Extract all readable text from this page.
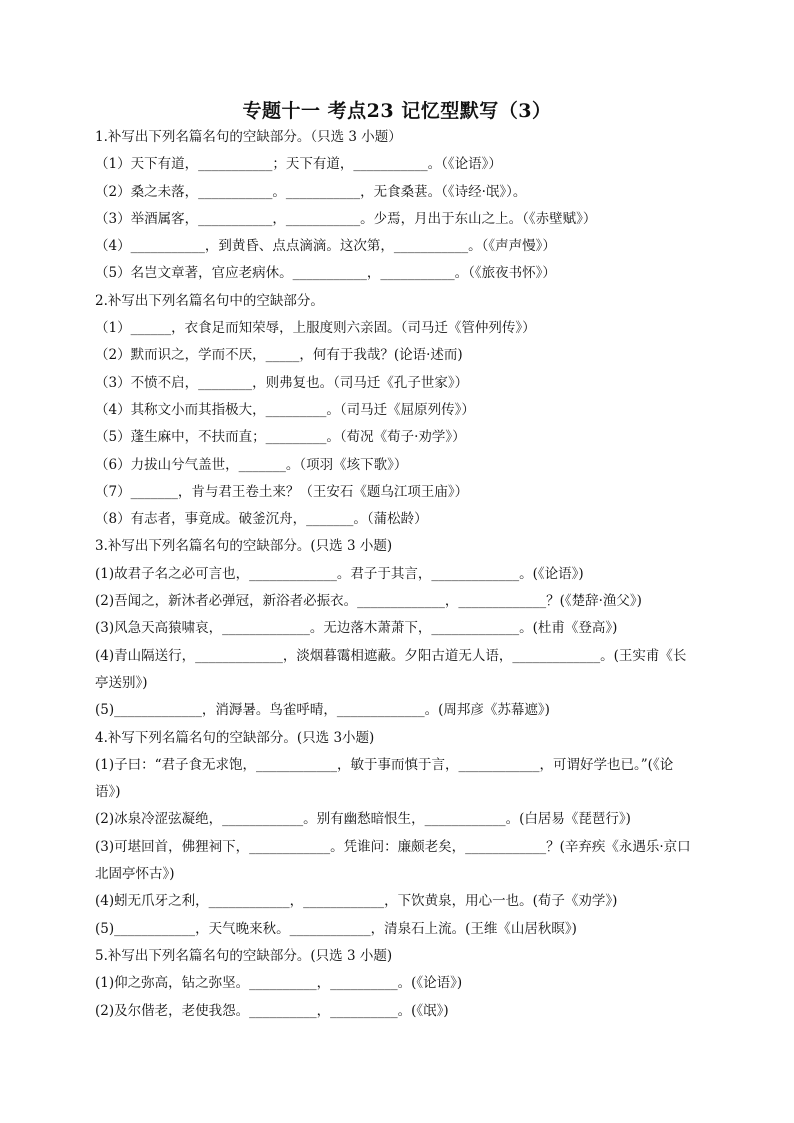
专题十一 考点23 记忆型默写（3）
1.补写出下列名篇名句的空缺部分。（只选 3 小题）
（1）天下有道，___________；天下有道，___________。（《论语》）
（2）桑之未落，___________。___________，无食桑葚。（《诗经·氓》）。
（3）举酒属客，___________，___________。少焉，月出于东山之上。（《赤壁赋》）
（4）___________，到黄昏、点点滴滴。这次第，___________。（《声声慢》）
（5）名岂文章著，官应老病休。___________，___________。（《旅夜书怀》）
2.补写出下列名篇名句中的空缺部分。
（1）______，衣食足而知荣辱，上服度则六亲固。（司马迁《管仲列传》）
（2）默而识之，学而不厌，_____，何有于我哉？(论语·述而)
（3）不愤不启，________，则弗复也。（司马迁《孔子世家》）
（4）其称文小而其指极大，_________。（司马迁《屈原列传》）
（5）蓬生麻中，不扶而直；_________。（荀况《荀子·劝学》）
（6）力拔山兮气盖世，_______。（项羽《垓下歌》）
（7）_______，肯与君王卷土来？（王安石《题乌江项王庙》）
（8）有志者，事竟成。破釜沉舟，_______。（蒲松龄）
3.补写出下列名篇名句的空缺部分。(只选 3 小题)
(1)故君子名之必可言也，_____________。君子于其言，_____________。(《论语》)
(2)吾闻之，新沐者必弹冠，新浴者必振衣。_____________，_____________？(《楚辞·渔父》)
(3)风急天高猿啸哀，_____________。无边落木萧萧下，_____________。(杜甫《登高》)
(4)青山隔送行，_____________，淡烟暮霭相遮蔽。夕阳古道无人语，_____________。(王实甫《长亭送别》)
(5)_____________，消溽暑。鸟雀呼晴，_____________。(周邦彦《苏幕遮》)
4.补写下列名篇名句的空缺部分。(只选 3小题)
(1)子曰：“君子食无求饱，____________，敏于事而慎于言，____________，可谓好学也已。”(《论语》)
(2)冰泉冷涩弦凝绝，____________。别有幽愁暗恨生，____________。(白居易《琵琶行》)
(3)可堪回首，佛狸祠下，____________。凭谁问：廉颇老矣，____________？(辛弃疾《永遇乐·京口北固亭怀古》)
(4)蚓无爪牙之利，____________，____________，下饮黄泉，用心一也。(荀子《劝学》)
(5)____________，天气晚来秋。____________，清泉石上流。(王维《山居秋暝》)
5.补写出下列名篇名句的空缺部分。(只选 3 小题)
(1)仰之弥高，钻之弥坚。__________，__________。(《论语》)
(2)及尔偕老，老使我怨。__________，__________。(《氓》)
